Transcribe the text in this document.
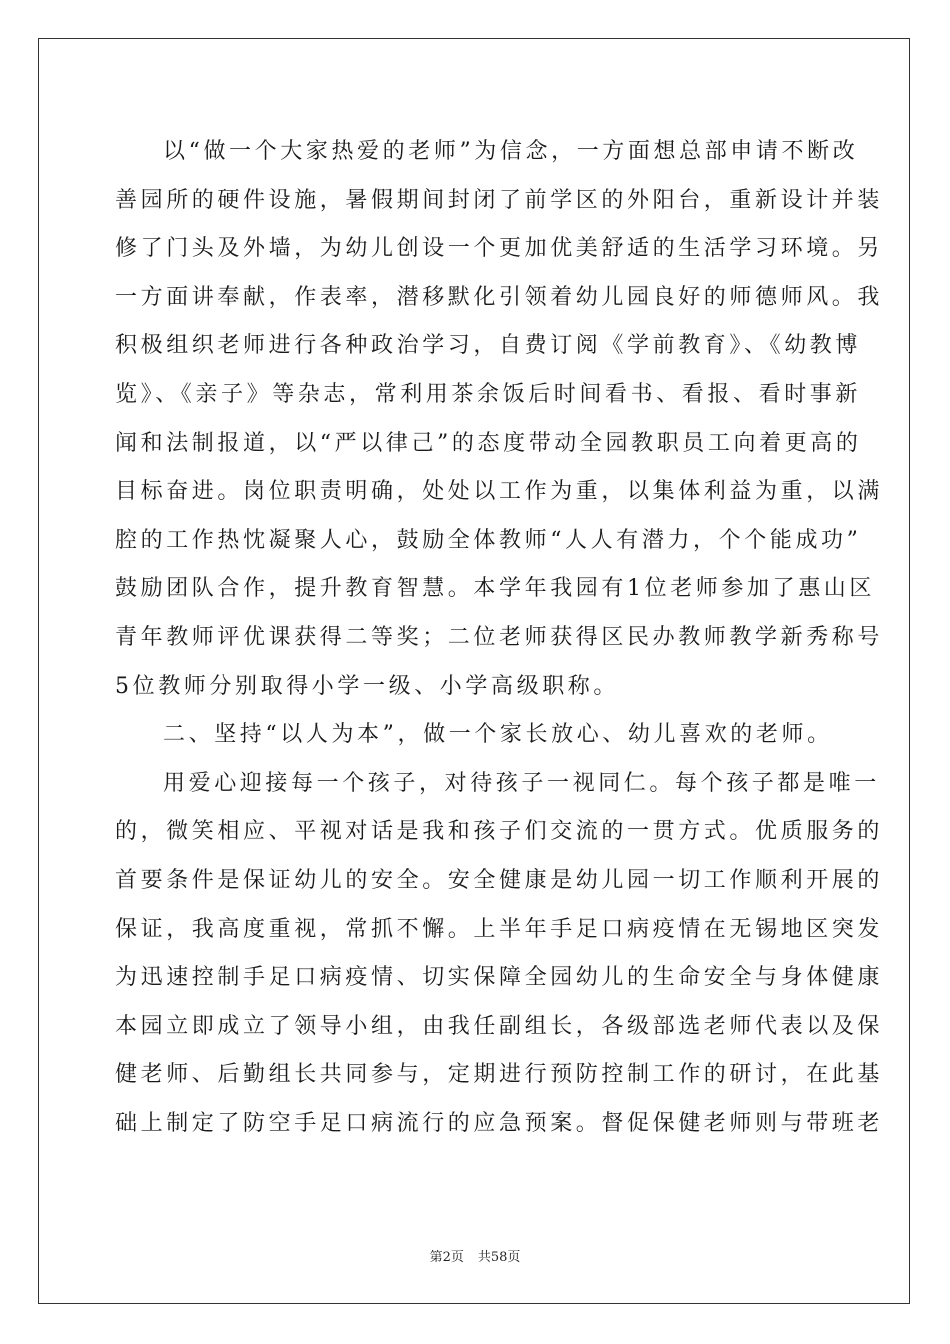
以“做一个大家热爱的老师”为信念，一方面想总部申请不断改
善园所的硬件设施，暑假期间封闭了前学区的外阳台，重新设计并装
修了门头及外墙，为幼儿创设一个更加优美舒适的生活学习环境。另
一方面讲奉献，作表率，潜移默化引领着幼儿园良好的师德师风。我
积极组织老师进行各种政治学习，自费订阅《学前教育》、《幼教博
览》、《亲子》等杂志，常利用茶余饭后时间看书、看报、看时事新
闻和法制报道，以“严以律己”的态度带动全园教职员工向着更高的
目标奋进。岗位职责明确，处处以工作为重，以集体利益为重，以满
腔的工作热忱凝聚人心，鼓励全体教师“人人有潜力，个个能成功”
鼓励团队合作，提升教育智慧。本学年我园有1位老师参加了惠山区
青年教师评优课获得二等奖；二位老师获得区民办教师教学新秀称号
5位教师分别取得小学一级、小学高级职称。
二、坚持“以人为本”，做一个家长放心、幼儿喜欢的老师。
用爱心迎接每一个孩子，对待孩子一视同仁。每个孩子都是唯一
的，微笑相应、平视对话是我和孩子们交流的一贯方式。优质服务的
首要条件是保证幼儿的安全。安全健康是幼儿园一切工作顺利开展的
保证，我高度重视，常抓不懈。上半年手足口病疫情在无锡地区突发
为迅速控制手足口病疫情、切实保障全园幼儿的生命安全与身体健康
本园立即成立了领导小组，由我任副组长，各级部选老师代表以及保
健老师、后勤组长共同参与，定期进行预防控制工作的研讨，在此基
础上制定了防空手足口病流行的应急预案。督促保健老师则与带班老
第2页 共58页
